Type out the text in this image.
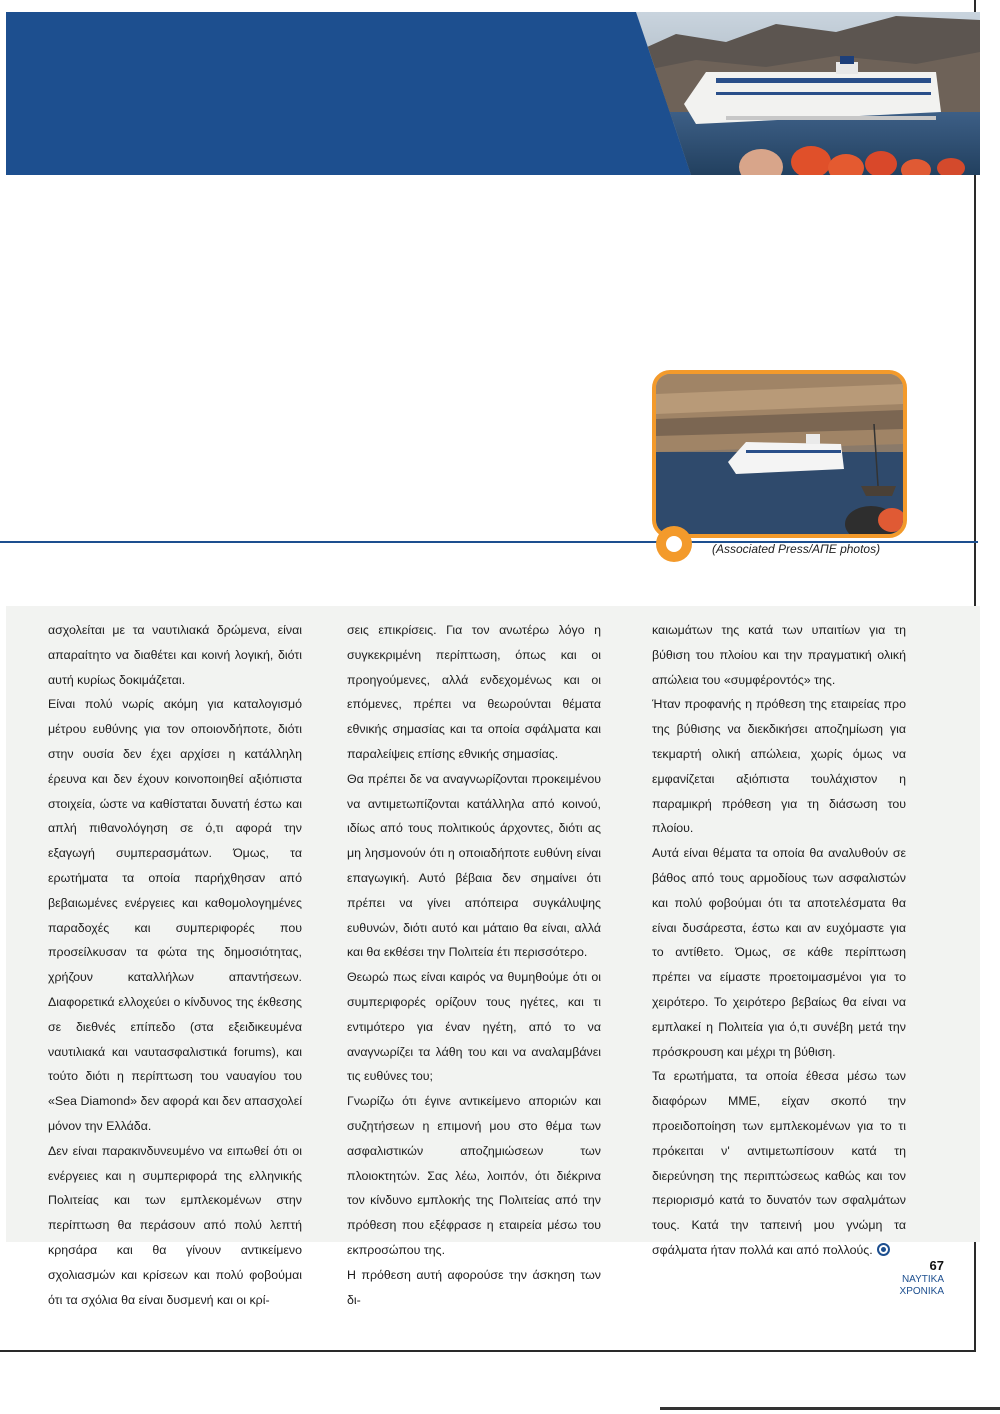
(Associated Press/ΑΠΕ photos)

ασχολείται με τα ναυτιλιακά δρώμενα, είναι απαραίτητο να διαθέτει και κοινή λογική, διότι αυτή κυρίως δοκιμάζεται.

Είναι πολύ νωρίς ακόμη για καταλογισμό μέτρου ευθύνης για τον οποιονδήποτε, διότι στην ουσία δεν έχει αρχίσει η κατάλληλη έρευνα και δεν έχουν κοινοποιηθεί αξιόπιστα στοιχεία, ώστε να καθίσταται δυνατή έστω και απλή πιθανολόγηση σε ό,τι αφορά την εξαγωγή συμπερασμάτων. Όμως, τα ερωτήματα τα οποία παρήχθησαν από βεβαιωμένες ενέργειες και καθομολογημένες παραδοχές και συμπεριφορές που προσείλκυσαν τα φώτα της δημοσιότητας, χρήζουν καταλλήλων απαντήσεων. Διαφορετικά ελλοχεύει ο κίνδυνος της έκθεσης σε διεθνές επίπεδο (στα εξειδικευμένα ναυτιλιακά και ναυτασφαλιστικά forums), και τούτο διότι η περίπτωση του ναυαγίου του «Sea Diamond» δεν αφορά και δεν απασχολεί μόνον την Ελλάδα.

Δεν είναι παρακινδυνευμένο να ειπωθεί ότι οι ενέργειες και η συμπεριφορά της ελληνικής Πολιτείας και των εμπλεκομένων στην περίπτωση θα περάσουν από πολύ λεπτή κρησάρα και θα γίνουν αντικείμενο σχολιασμών και κρίσεων και πολύ φοβούμαι ότι τα σχόλια θα είναι δυσμενή και οι κρί-

σεις επικρίσεις. Για τον ανωτέρω λόγο η συγκεκριμένη περίπτωση, όπως και οι προηγούμενες, αλλά ενδεχομένως και οι επόμενες, πρέπει να θεωρούνται θέματα εθνικής σημασίας και τα οποία σφάλματα και παραλείψεις επίσης εθνικής σημασίας.

Θα πρέπει δε να αναγνωρίζονται προκειμένου να αντιμετωπίζονται κατάλληλα από κοινού, ιδίως από τους πολιτικούς άρχοντες, διότι ας μη λησμονούν ότι η οποιαδήποτε ευθύνη είναι επαγωγική. Αυτό βέβαια δεν σημαίνει ότι πρέπει να γίνει απόπειρα συγκάλυψης ευθυνών, διότι αυτό και μάταιο θα είναι, αλλά και θα εκθέσει την Πολιτεία έτι περισσότερο.

Θεωρώ πως είναι καιρός να θυμηθούμε ότι οι συμπεριφορές ορίζουν τους ηγέτες, και τι εντιμότερο για έναν ηγέτη, από το να αναγνωρίζει τα λάθη του και να αναλαμβάνει τις ευθύνες του;

Γνωρίζω ότι έγινε αντικείμενο αποριών και συζητήσεων η επιμονή μου στο θέμα των ασφαλιστικών αποζημιώσεων των πλοιοκτητών. Σας λέω, λοιπόν, ότι διέκρινα τον κίνδυνο εμπλοκής της Πολιτείας από την πρόθεση που εξέφρασε η εταιρεία μέσω του εκπροσώπου της.

Η πρόθεση αυτή αφορούσε την άσκηση των δι-

καιωμάτων της κατά των υπαιτίων για τη βύθιση του πλοίου και την πραγματική ολική απώλεια του «συμφέροντός» της.

Ήταν προφανής η πρόθεση της εταιρείας προ της βύθισης να διεκδικήσει αποζημίωση για τεκμαρτή ολική απώλεια, χωρίς όμως να εμφανίζεται αξιόπιστα τουλάχιστον η παραμικρή πρόθεση για τη διάσωση του πλοίου.

Αυτά είναι θέματα τα οποία θα αναλυθούν σε βάθος από τους αρμοδίους των ασφαλιστών και πολύ φοβούμαι ότι τα αποτελέσματα θα είναι δυσάρεστα, έστω και αν ευχόμαστε για το αντίθετο. Όμως, σε κάθε περίπτωση πρέπει να είμαστε προετοιμασμένοι για το χειρότερο. Το χειρότερο βεβαίως θα είναι να εμπλακεί η Πολιτεία για ό,τι συνέβη μετά την πρόσκρουση και μέχρι τη βύθιση.

Τα ερωτήματα, τα οποία έθεσα μέσω των διαφόρων ΜΜΕ, είχαν σκοπό την προειδοποίηση των εμπλεκομένων για το τι πρόκειται ν' αντιμετωπίσουν κατά τη διερεύνηση της περιπτώσεως καθώς και τον περιορισμό κατά το δυνατόν των σφαλμάτων τους. Κατά την ταπεινή μου γνώμη τα σφάλματα ήταν πολλά και από πολλούς.

67
ΝΑΥΤΙΚΑ
ΧΡΟΝΙΚΑ
